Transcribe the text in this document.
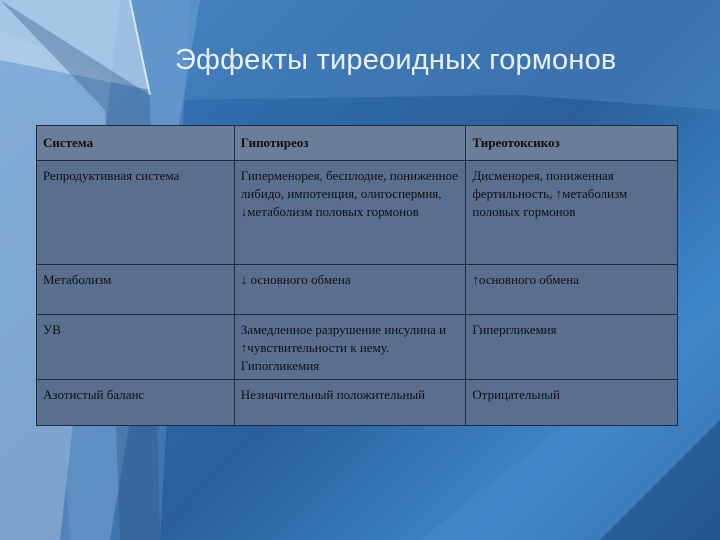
Эффекты тиреоидных гормонов
Система	Гипотиреоз	Тиреотоксикоз
Репродуктивная система	Гиперменорея, бесплодие, пониженное либидо, импотенция, олигоспермия, ↓метаболизм половых гормонов	Дисменорея, пониженная фертильность, ↑метаболизм половых гормонов
Метаболизм	↓ основного обмена	↑основного обмена
УВ	Замедленное разрушение инсулина и ↑чувствительности к нему. Гипогликемия	Гипергликемия
Азотистый баланс	Незначительный положительный	Отрицательный
